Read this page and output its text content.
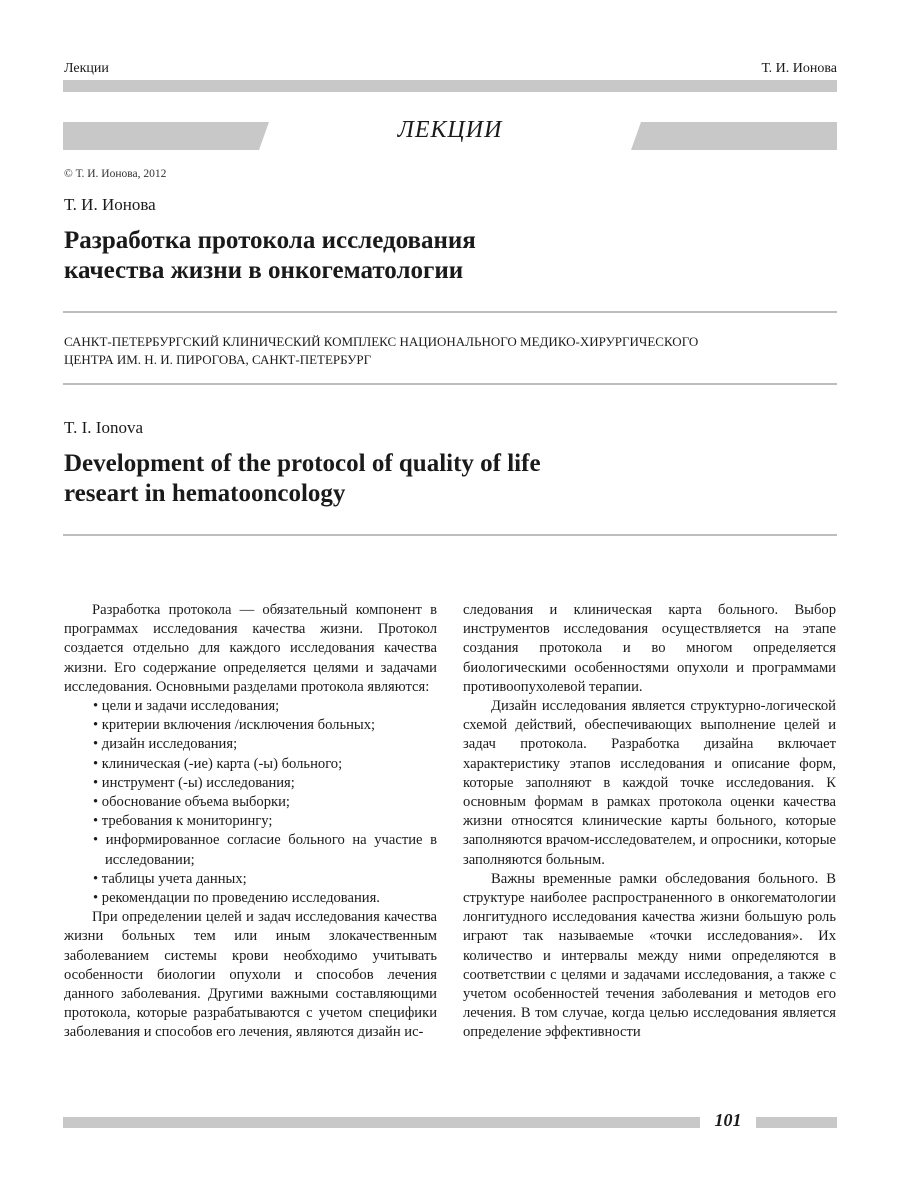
Лекции	Т. И. Ионова
ЛЕКЦИИ
© Т. И. Ионова, 2012
Т. И. Ионова
Разработка протокола исследования
качества жизни в онкогематологии

САНКТ-ПЕТЕРБУРГСКИЙ КЛИНИЧЕСКИЙ КОМПЛЕКС НАЦИОНАЛЬНОГО МЕДИКО-ХИРУРГИЧЕСКОГО
ЦЕНТРА ИМ. Н. И. ПИРОГОВА, САНКТ-ПЕТЕРБУРГ

T. I. Ionova
Development of the protocol of quality of life
researt in hematooncology

Разработка протокола — обязательный компонент в программах исследования качества жизни. Протокол создается отдельно для каждого исследования качества жизни. Его содержание определяется целями и задачами исследования. Основными разделами протокола являются:

• цели и задачи исследования;
• критерии включения /исключения больных;
• дизайн исследования;
• клиническая (-ие) карта (-ы) больного;
• инструмент (-ы) исследования;
• обоснование объема выборки;
• требования к мониторингу;
• информированное согласие больного на участие в исследовании;
• таблицы учета данных;
• рекомендации по проведению исследования.

При определении целей и задач исследования качества жизни больных тем или иным злокачественным заболеванием системы крови необходимо учитывать особенности биологии опухоли и способов лечения данного заболевания. Другими важными составляющими протокола, которые разрабатываются с учетом специфики заболевания и способов его лечения, являются дизайн ис-

следования и клиническая карта больного. Выбор инструментов исследования осуществляется на этапе создания протокола и во многом определяется биологическими особенностями опухоли и программами противоопухолевой терапии.

Дизайн исследования является структурно-логической схемой действий, обеспечивающих выполнение целей и задач протокола. Разработка дизайна включает характеристику этапов исследования и описание форм, которые заполняют в каждой точке исследования. К основным формам в рамках протокола оценки качества жизни относятся клинические карты больного, которые заполняются врачом-исследователем, и опросники, которые заполняются больным.

Важны временные рамки обследования больного. В структуре наиболее распространенного в онкогематологии лонгитудного исследования качества жизни большую роль играют так называемые «точки исследования». Их количество и интервалы между ними определяются в соответствии с целями и задачами исследования, а также с учетом особенностей течения заболевания и методов его лечения. В том случае, когда целью исследования является определение эффективности

101
